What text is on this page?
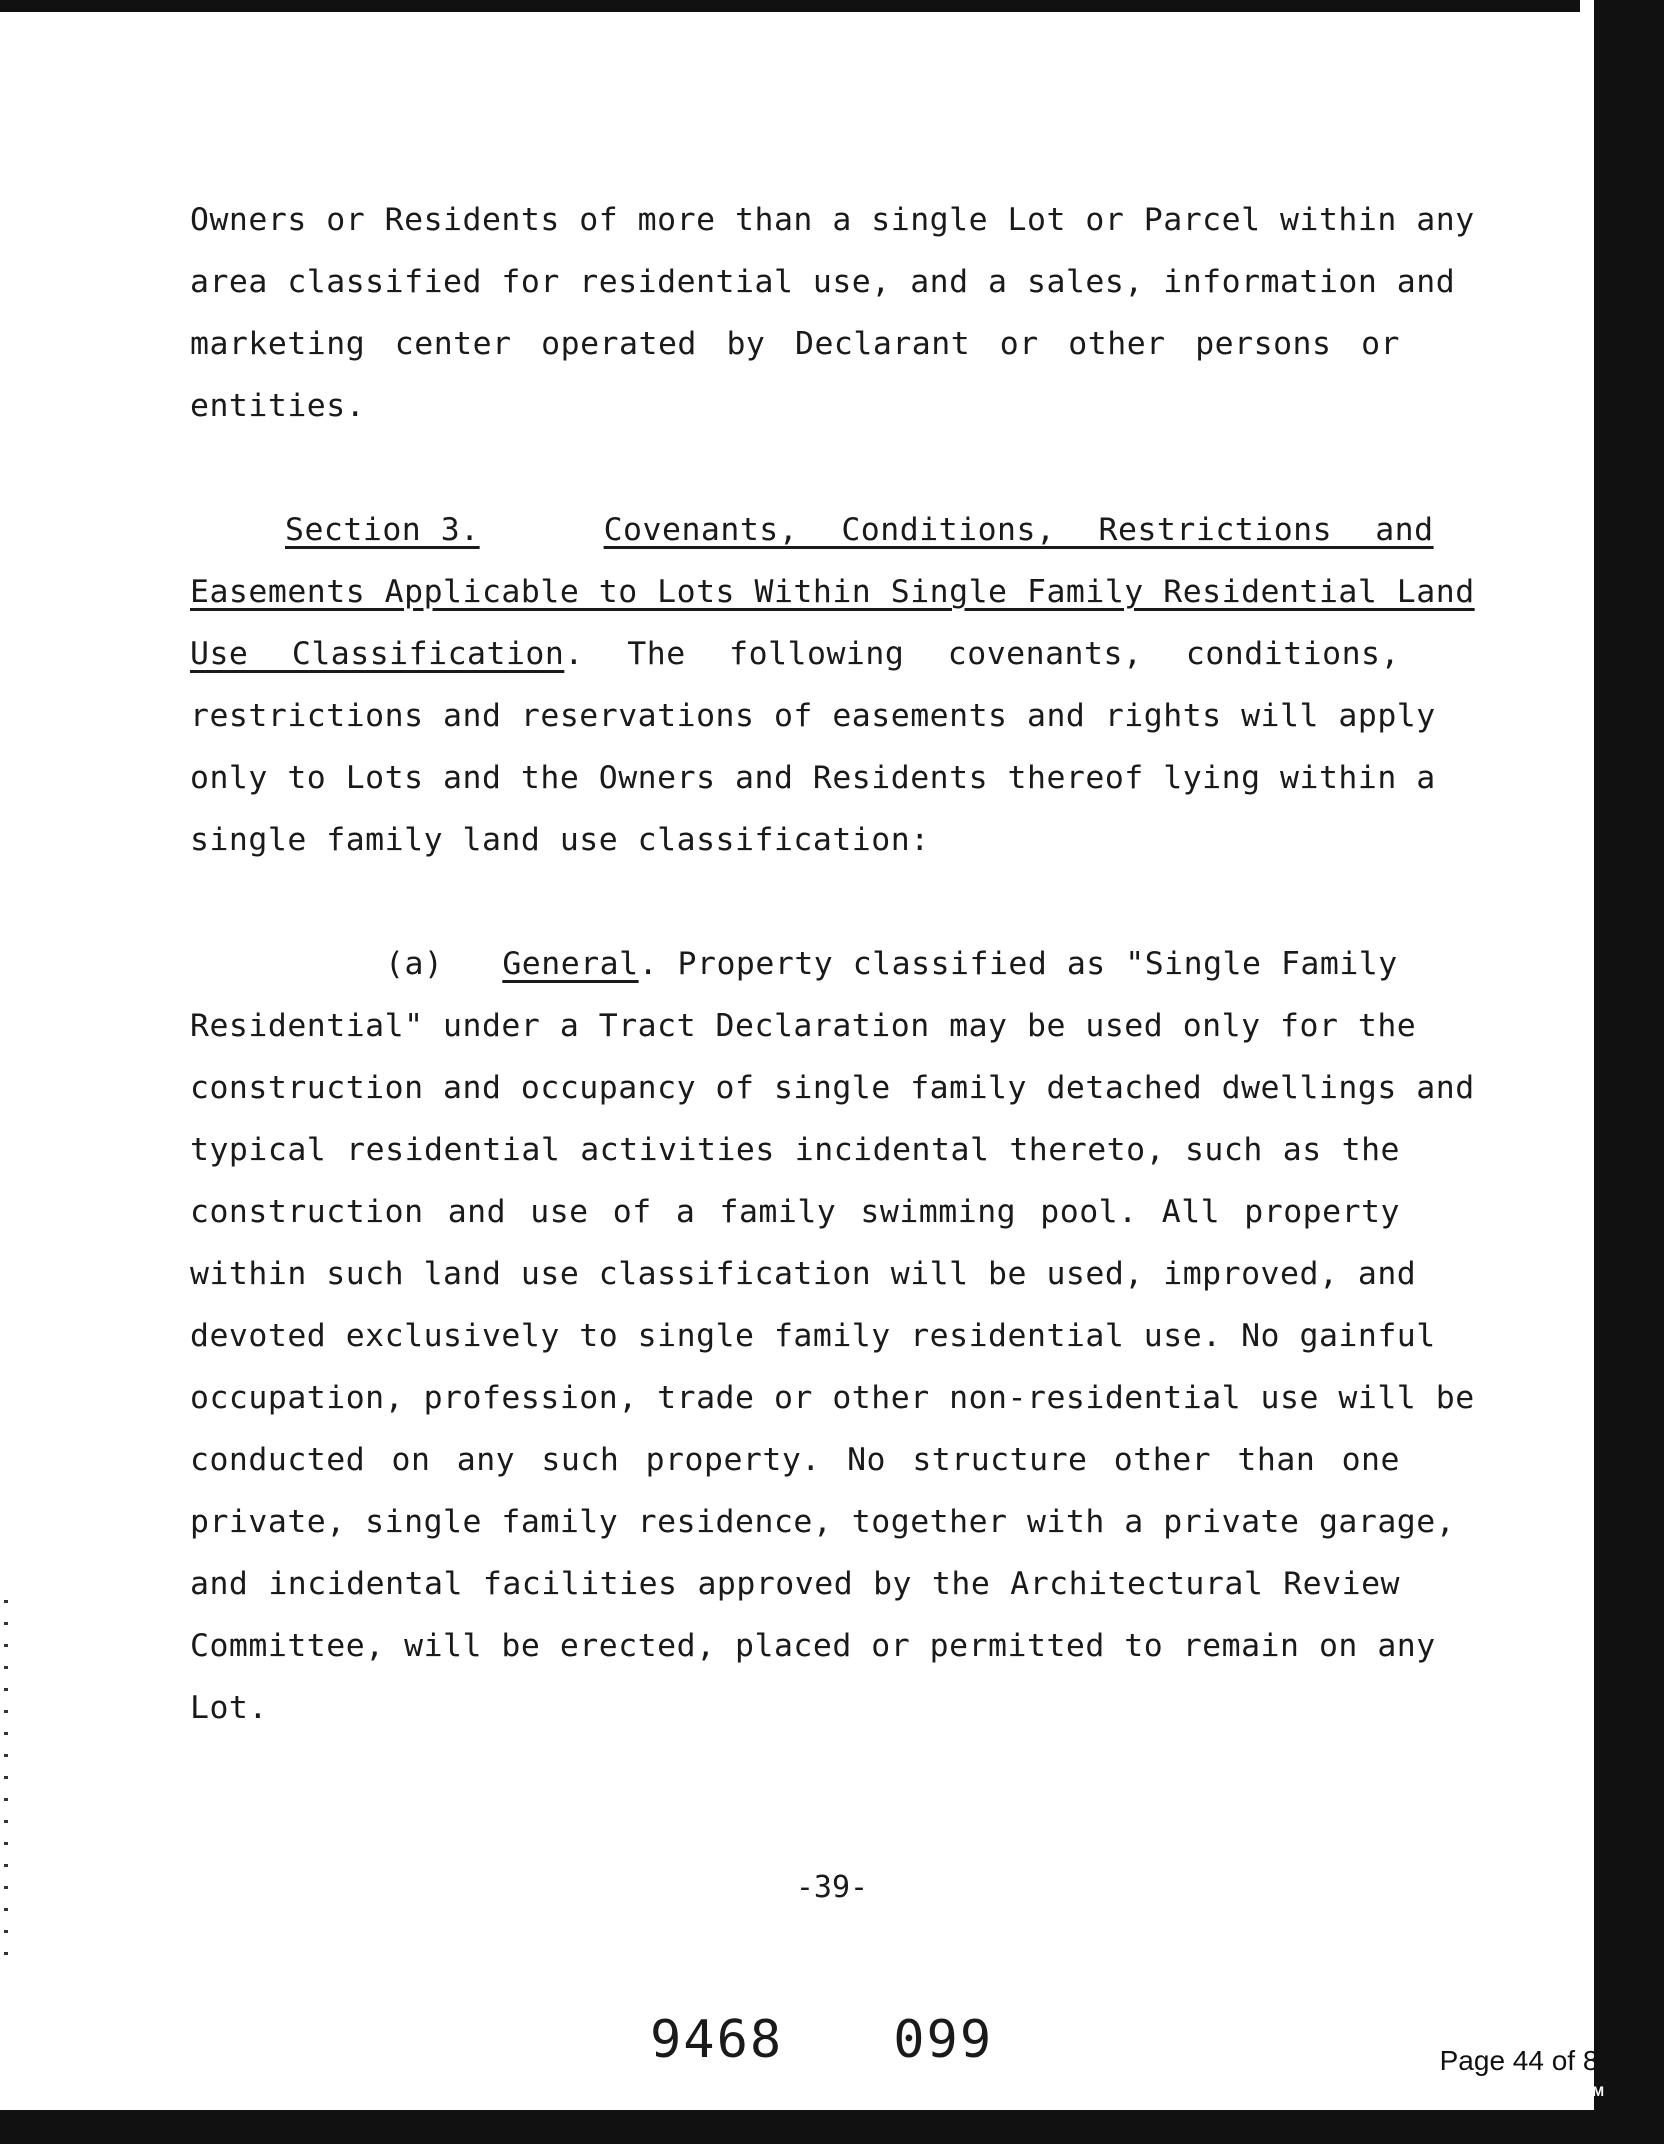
Owners or Residents of more than a single Lot or Parcel within any
area classified for residential use, and a sales, information and
marketing center operated by Declarant or other persons or
entities.
Section 3.	Covenants, Conditions, Restrictions and
Easements Applicable to Lots Within Single Family Residential Land
Use Classification. The following covenants, conditions,
restrictions and reservations of easements and rights will apply
only to Lots and the Owners and Residents thereof lying within a
single family land use classification:
(a) General. Property classified as "Single Family
Residential" under a Tract Declaration may be used only for the
construction and occupancy of single family detached dwellings and
typical residential activities incidental thereto, such as the
construction and use of a family swimming pool. All property
within such land use classification will be used, improved, and
devoted exclusively to single family residential use. No gainful
occupation, profession, trade or other non-residential use will be
conducted on any such property. No structure other than one
private, single family residence, together with a private garage,
and incidental facilities approved by the Architectural Review
Committee, will be erected, placed or permitted to remain on any
Lot.
-39-
9468 099	Page 44 of 84
08/29/2011 12:14 PM
